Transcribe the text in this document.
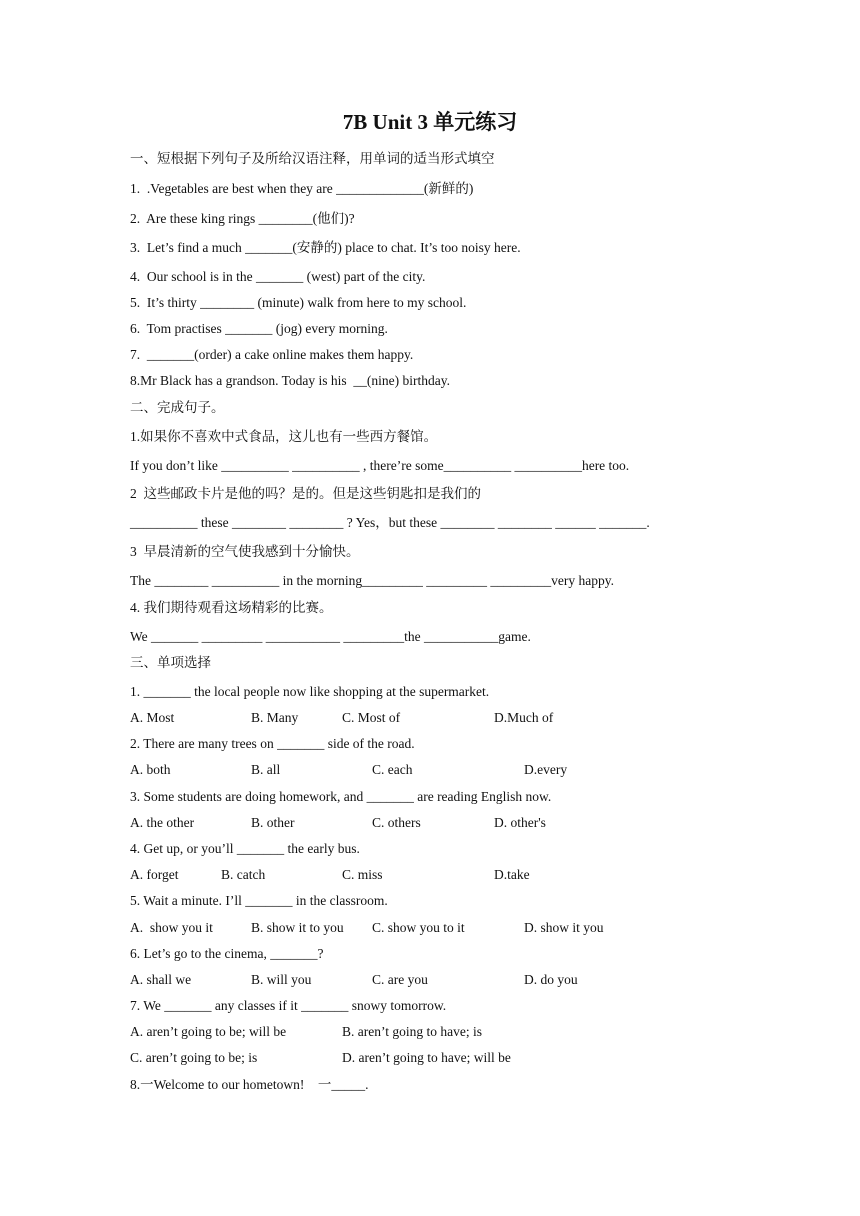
7B Unit 3 单元练习
一、短根据下列句子及所给汉语注释，用单词的适当形式填空
1.  .Vegetables are best when they are _____________(新鲜的)
2.  Are these king rings ________(他们)?
3.  Let’s find a much _______(安静的) place to chat. It’s too noisy here.
4.  Our school is in the _______ (west) part of the city.
5.  It’s thirty ________ (minute) walk from here to my school.
6.  Tom practises _______ (jog) every morning.
7.  _______(order) a cake online makes them happy.
8.Mr Black has a grandson. Today is his  __(nine) birthday.
二、完成句子。
1.如果你不喜欢中式食品，这儿也有一些西方餐馆。
If you don’t like __________ __________ , there’re some__________ __________here too.
2  这些邮政卡片是他的吗？是的。但是这些钥匙扣是我们的
__________ these ________ ________ ? Yes，but these ________ ________ ______ _______.
3  早晨清新的空气使我感到十分愉快。
The ________ __________ in the morning_________ _________ _________very happy.
4. 我们期待观看这场精彩的比赛。
We _______ _________ ___________ _________the ___________game.
三、单项选择
1. _______ the local people now like shopping at the supermarket.
A. Most	B. Many	C. Most of	D.Much of
2. There are many trees on _______ side of the road.
A. both	B. all	C. each	D.every
3. Some students are doing homework, and _______ are reading English now.
A. the other	B. other	C. others	D. other's
4. Get up, or you’ll _______ the early bus.
A. forget	B. catch	C. miss	D.take
5. Wait a minute. I’ll _______ in the classroom.
A.  show you it	B. show it to you C. show you to it	D. show it you
6. Let’s go to the cinema, _______?
A. shall we	B. will you	C. are you	D. do you
7. We _______ any classes if it _______ snowy tomorrow.
A. aren’t going to be; will be	B. aren’t going to have; is
C. aren’t going to be; is	D. aren’t going to have; will be
8.一Welcome to our hometown!    一_____.
